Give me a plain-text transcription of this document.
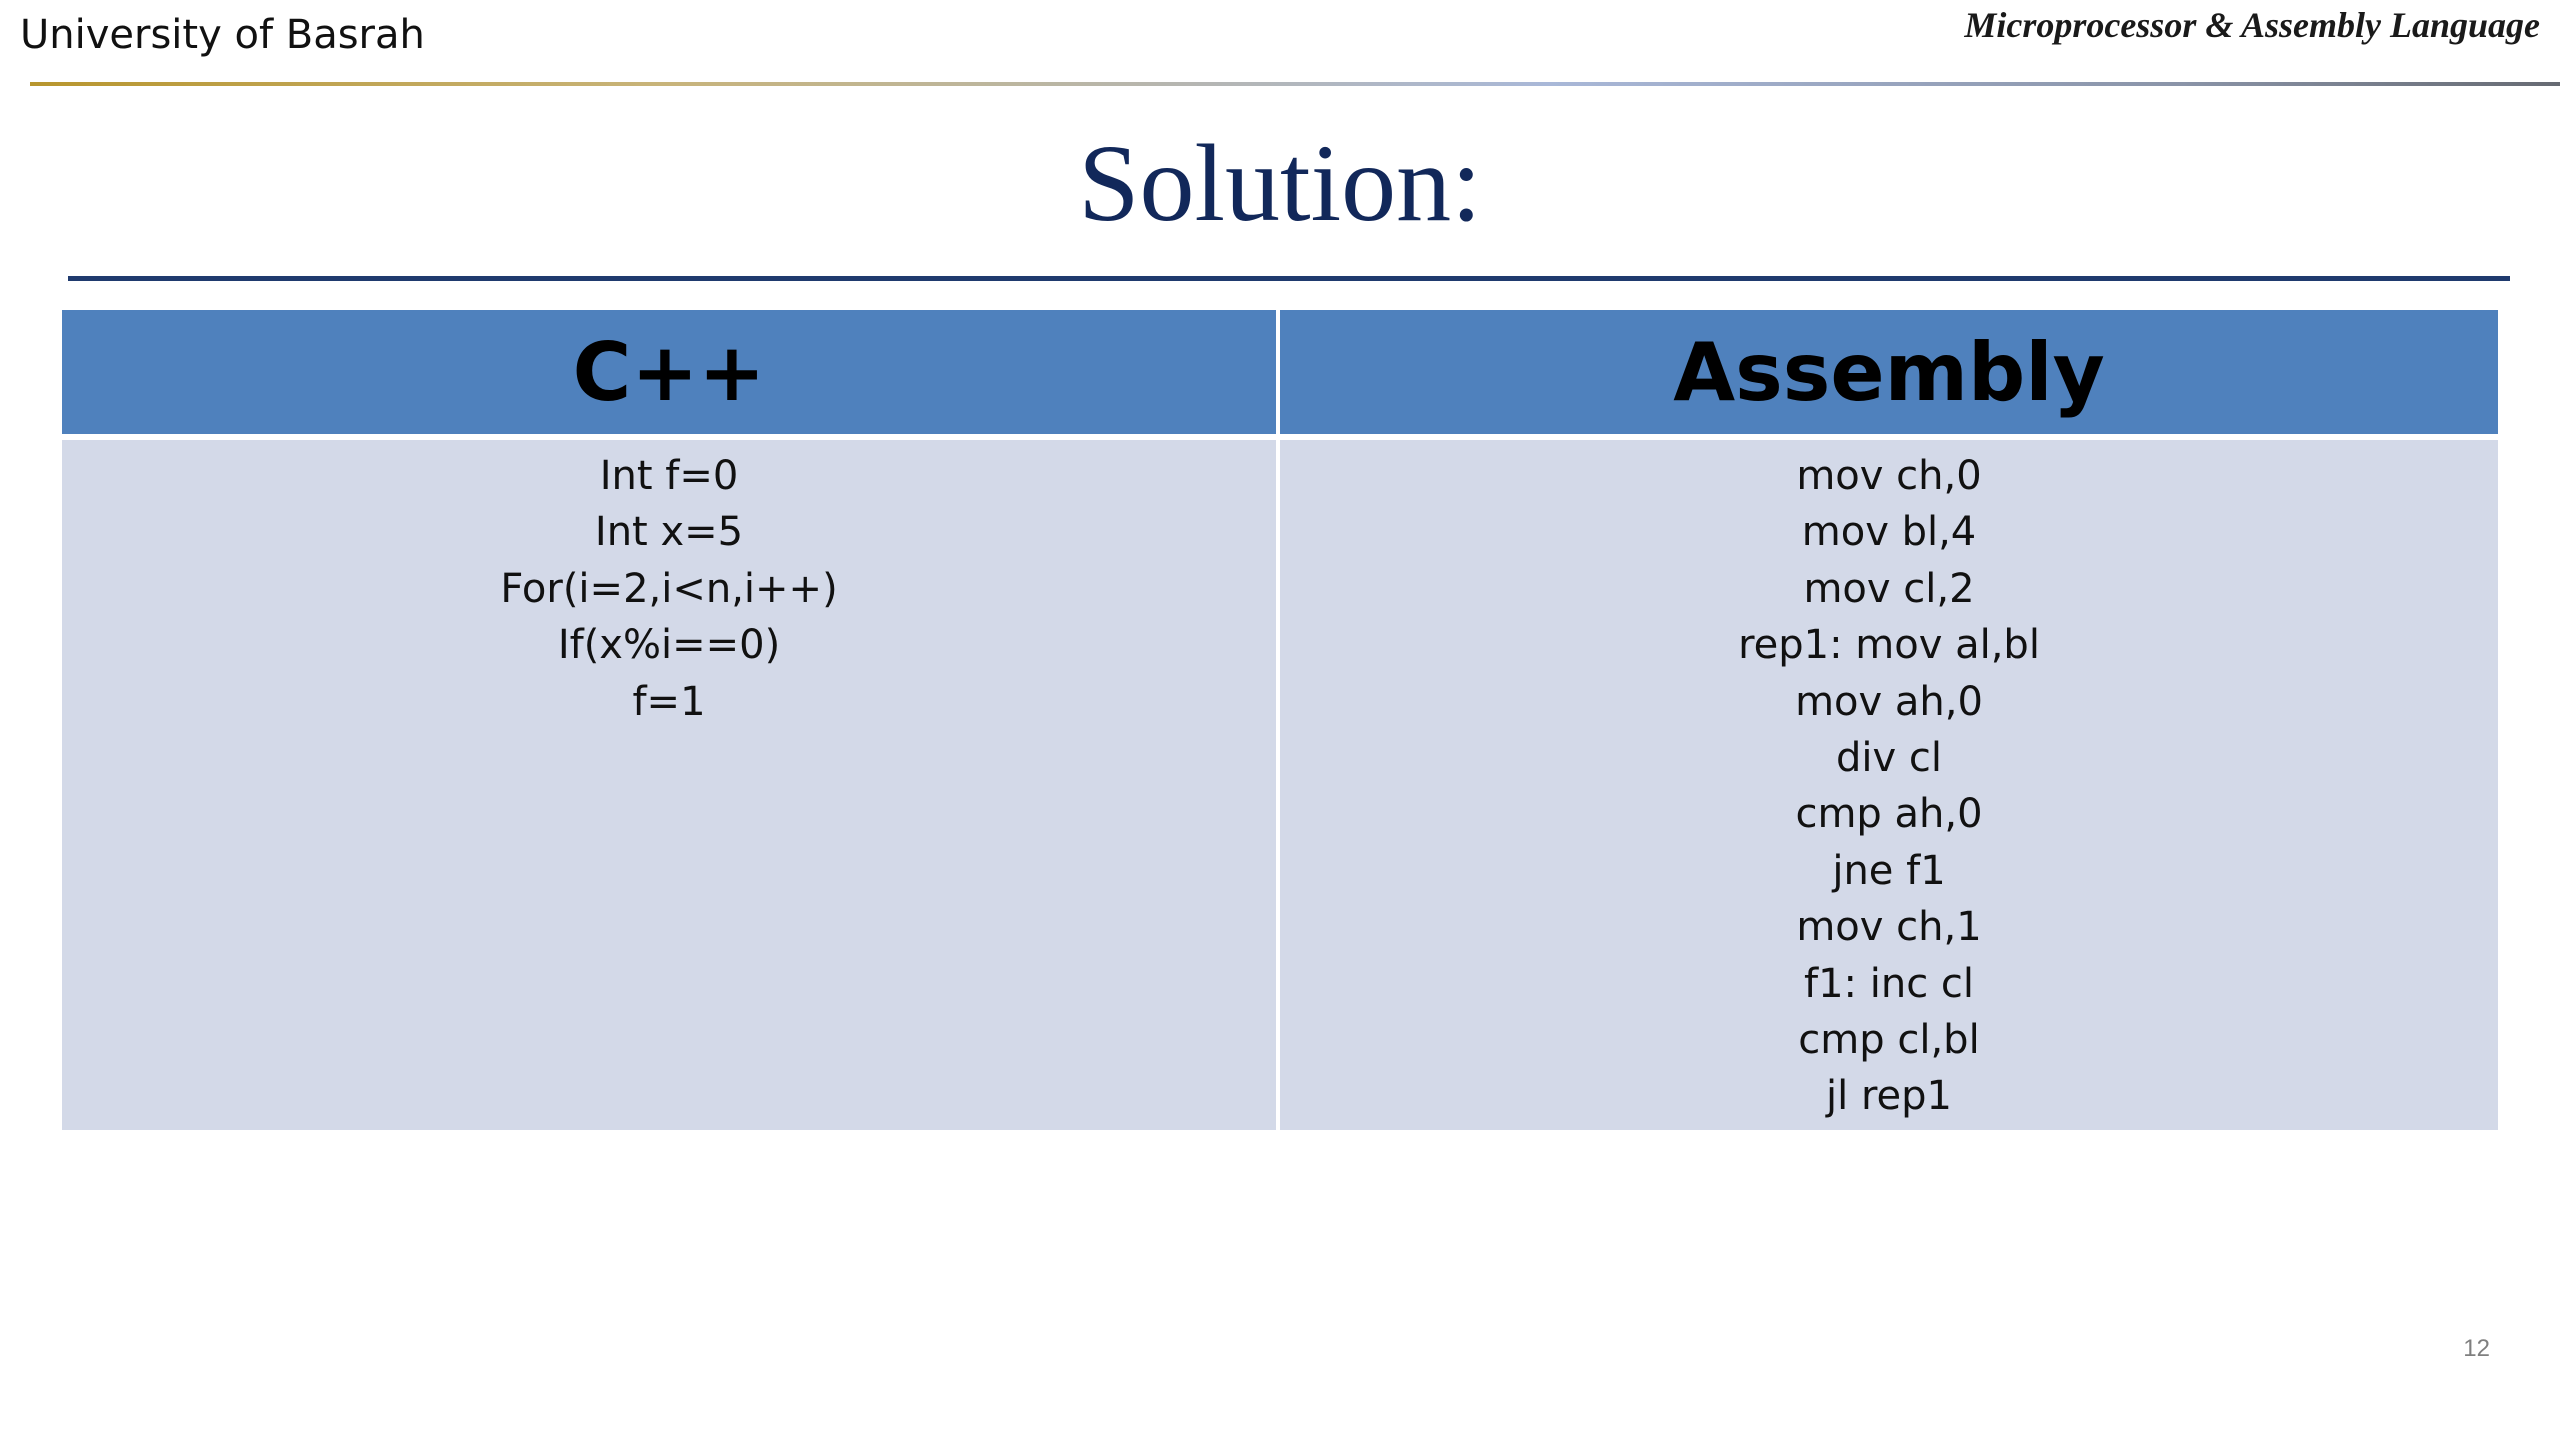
University of Basrah	Microprocessor & Assembly Language
Solution:
C++	Assembly
Int f=0
Int x=5
For(i=2,i<n,i++)
If(x%i==0)
f=1
mov ch,0
mov bl,4
mov cl,2
rep1: mov al,bl
mov ah,0
div cl
cmp ah,0
jne f1
mov ch,1
f1: inc cl
cmp cl,bl
jl rep1
12
